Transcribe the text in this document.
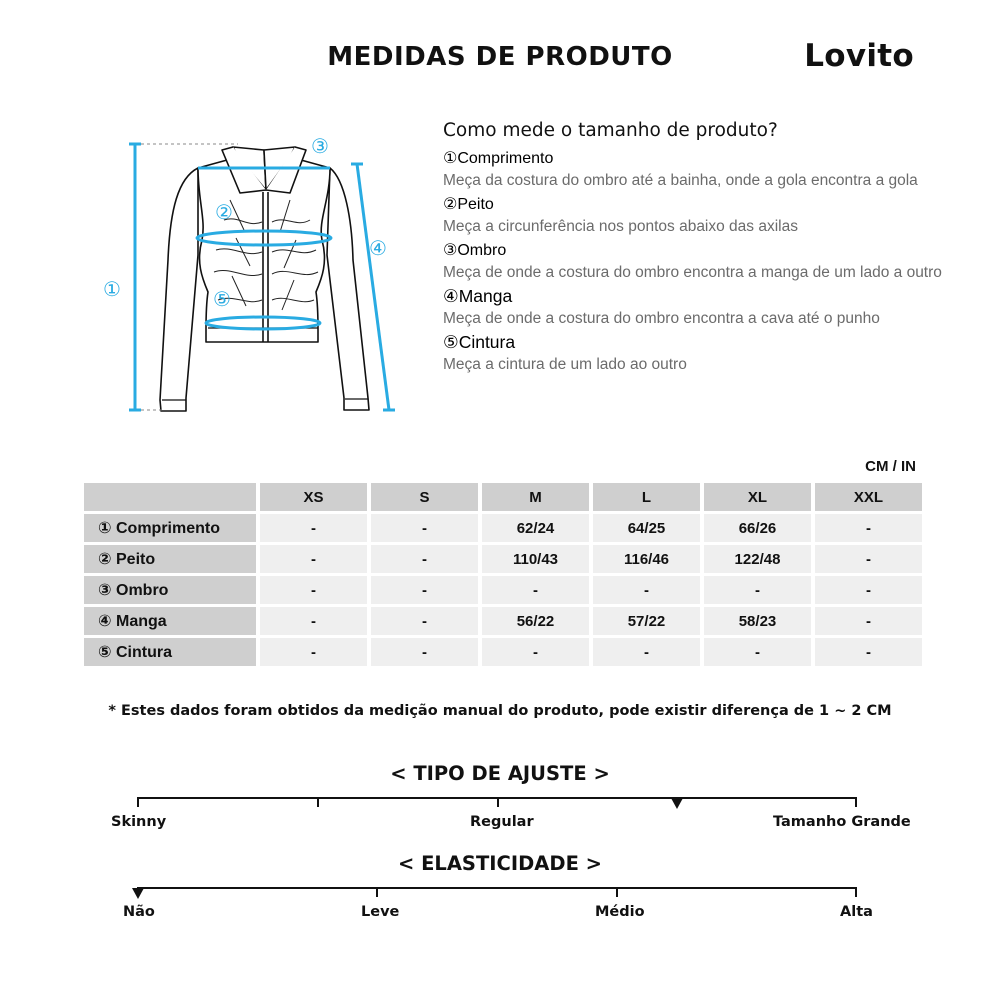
MEDIDAS DE PRODUTO	Lovito
①
②
③
④
⑤
Como mede o tamanho de produto?
①Comprimento
Meça da costura do ombro até a bainha, onde a gola encontra a gola
②Peito
Meça a circunferência nos pontos abaixo das axilas
③Ombro
Meça de onde a costura do ombro encontra a manga de um lado a outro
④Manga
Meça de onde a costura do ombro encontra a cava até o punho
⑤Cintura
Meça a cintura de um lado ao outro
CM / IN
	XS	S	M	L	XL	XXL
① Comprimento	-	-	62/24	64/25	66/26	-
② Peito	-	-	110/43	116/46	122/48	-
③ Ombro	-	-	-	-	-	-
④ Manga	-	-	56/22	57/22	58/23	-
⑤ Cintura	-	-	-	-	-	-
* Estes dados foram obtidos da medição manual do produto, pode existir diferença de 1 ~ 2 CM
< TIPO DE AJUSTE >
Skinny	Regular	Tamanho Grande
< ELASTICIDADE >
Não	Leve	Médio	Alta
